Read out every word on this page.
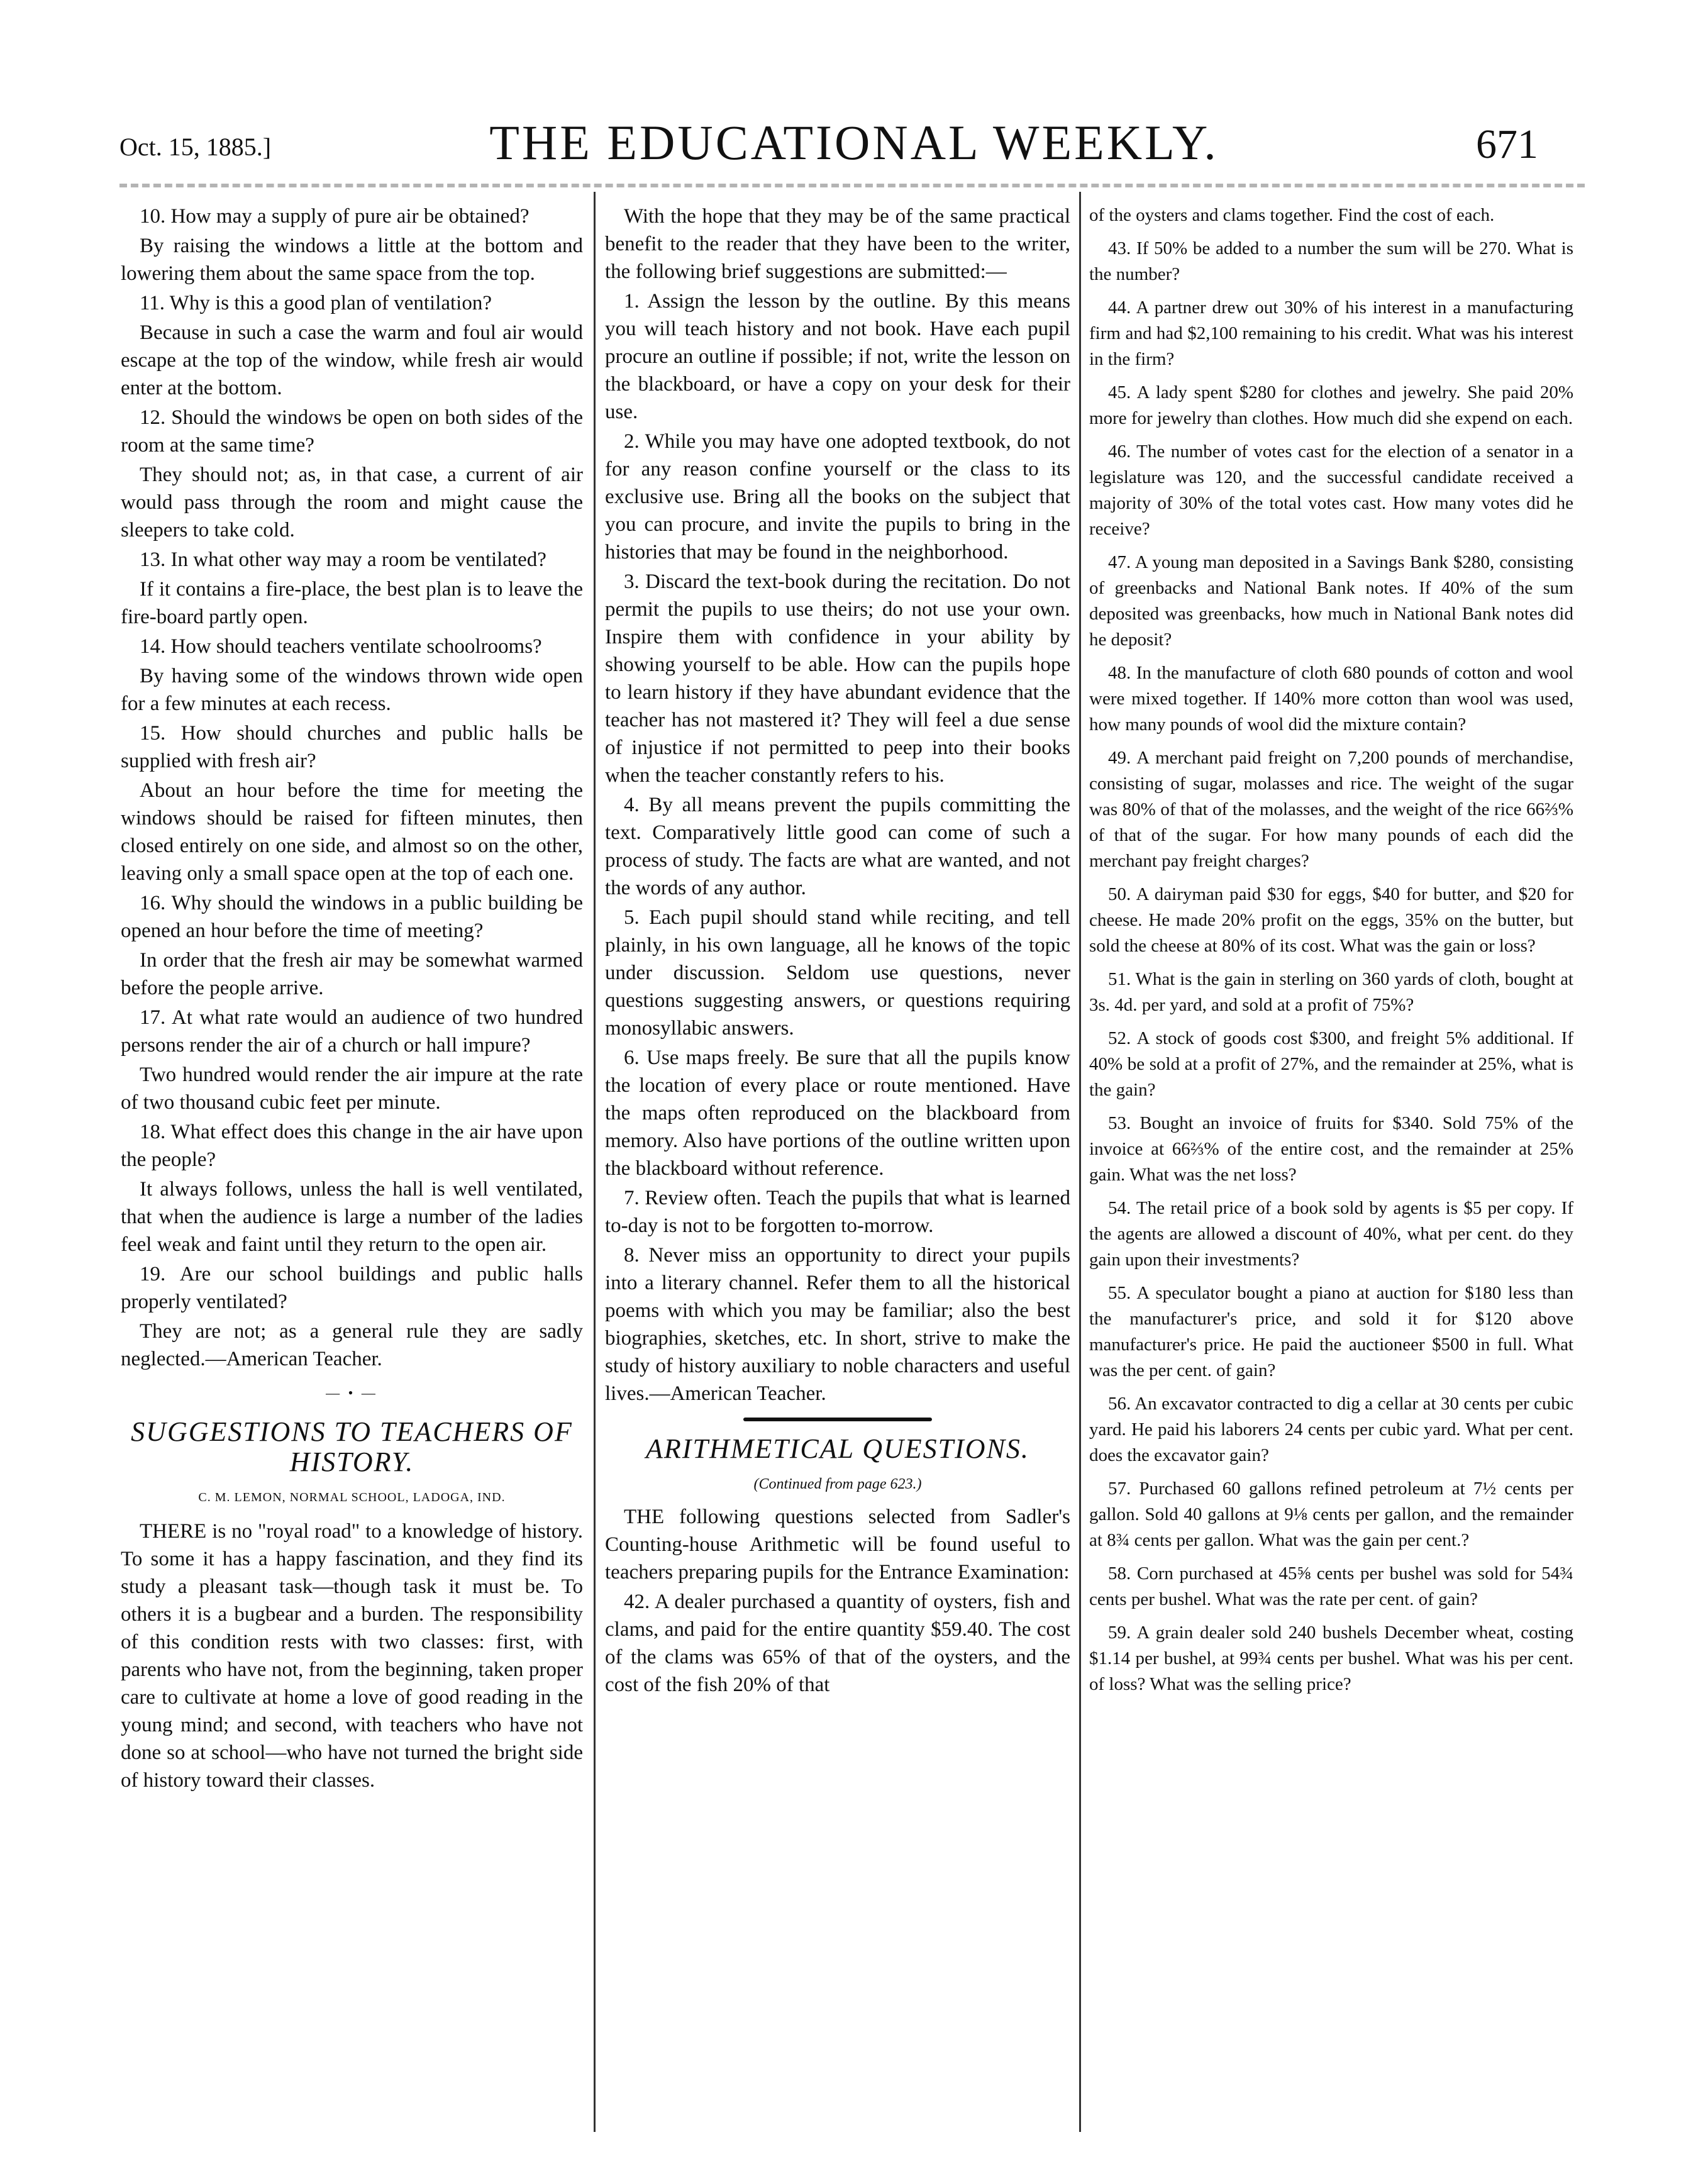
Oct. 15, 1885.]	THE EDUCATIONAL WEEKLY.	671

10. How may a supply of pure air be obtained?

By raising the windows a little at the bottom and lowering them about the same space from the top.

11. Why is this a good plan of ventilation?

Because in such a case the warm and foul air would escape at the top of the window, while fresh air would enter at the bottom.

12. Should the windows be open on both sides of the room at the same time?

They should not; as, in that case, a current of air would pass through the room and might cause the sleepers to take cold.

13. In what other way may a room be ventilated?

If it contains a fire-place, the best plan is to leave the fire-board partly open.

14. How should teachers ventilate schoolrooms?

By having some of the windows thrown wide open for a few minutes at each recess.

15. How should churches and public halls be supplied with fresh air?

About an hour before the time for meeting the windows should be raised for fifteen minutes, then closed entirely on one side, and almost so on the other, leaving only a small space open at the top of each one.

16. Why should the windows in a public building be opened an hour before the time of meeting?

In order that the fresh air may be somewhat warmed before the people arrive.

17. At what rate would an audience of two hundred persons render the air of a church or hall impure?

Two hundred would render the air impure at the rate of two thousand cubic feet per minute.

18. What effect does this change in the air have upon the people?

It always follows, unless the hall is well ventilated, that when the audience is large a number of the ladies feel weak and faint until they return to the open air.

19. Are our school buildings and public halls properly ventilated?

They are not; as a general rule they are sadly neglected.—American Teacher.

— • —
SUGGESTIONS TO TEACHERS OF HISTORY.
C. M. LEMON, NORMAL SCHOOL, LADOGA, IND.

THERE is no "royal road" to a knowledge of history. To some it has a happy fascination, and they find its study a pleasant task—though task it must be. To others it is a bugbear and a burden. The responsibility of this condition rests with two classes: first, with parents who have not, from the beginning, taken proper care to cultivate at home a love of good reading in the young mind; and second, with teachers who have not done so at school—who have not turned the bright side of history toward their classes.

With the hope that they may be of the same practical benefit to the reader that they have been to the writer, the following brief suggestions are submitted:—

1. Assign the lesson by the outline. By this means you will teach history and not book. Have each pupil procure an outline if possible; if not, write the lesson on the blackboard, or have a copy on your desk for their use.

2. While you may have one adopted textbook, do not for any reason confine yourself or the class to its exclusive use. Bring all the books on the subject that you can procure, and invite the pupils to bring in the histories that may be found in the neighborhood.

3. Discard the text-book during the recitation. Do not permit the pupils to use theirs; do not use your own. Inspire them with confidence in your ability by showing yourself to be able. How can the pupils hope to learn history if they have abundant evidence that the teacher has not mastered it? They will feel a due sense of injustice if not permitted to peep into their books when the teacher constantly refers to his.

4. By all means prevent the pupils committing the text. Comparatively little good can come of such a process of study. The facts are what are wanted, and not the words of any author.

5. Each pupil should stand while reciting, and tell plainly, in his own language, all he knows of the topic under discussion. Seldom use questions, never questions suggesting answers, or questions requiring monosyllabic answers.

6. Use maps freely. Be sure that all the pupils know the location of every place or route mentioned. Have the maps often reproduced on the blackboard from memory. Also have portions of the outline written upon the blackboard without reference.

7. Review often. Teach the pupils that what is learned to-day is not to be forgotten to-morrow.

8. Never miss an opportunity to direct your pupils into a literary channel. Refer them to all the historical poems with which you may be familiar; also the best biographies, sketches, etc. In short, strive to make the study of history auxiliary to noble characters and useful lives.—American Teacher.

ARITHMETICAL QUESTIONS.
(Continued from page 623.)

THE following questions selected from Sadler's Counting-house Arithmetic will be found useful to teachers preparing pupils for the Entrance Examination:

42. A dealer purchased a quantity of oysters, fish and clams, and paid for the entire quantity $59.40. The cost of the clams was 65% of that of the oysters, and the cost of the fish 20% of that

of the oysters and clams together. Find the cost of each.

43. If 50% be added to a number the sum will be 270. What is the number?

44. A partner drew out 30% of his interest in a manufacturing firm and had $2,100 remaining to his credit. What was his interest in the firm?

45. A lady spent $280 for clothes and jewelry. She paid 20% more for jewelry than clothes. How much did she expend on each.

46. The number of votes cast for the election of a senator in a legislature was 120, and the successful candidate received a majority of 30% of the total votes cast. How many votes did he receive?

47. A young man deposited in a Savings Bank $280, consisting of greenbacks and National Bank notes. If 40% of the sum deposited was greenbacks, how much in National Bank notes did he deposit?

48. In the manufacture of cloth 680 pounds of cotton and wool were mixed together. If 140% more cotton than wool was used, how many pounds of wool did the mixture contain?

49. A merchant paid freight on 7,200 pounds of merchandise, consisting of sugar, molasses and rice. The weight of the sugar was 80% of that of the molasses, and the weight of the rice 66⅔% of that of the sugar. For how many pounds of each did the merchant pay freight charges?

50. A dairyman paid $30 for eggs, $40 for butter, and $20 for cheese. He made 20% profit on the eggs, 35% on the butter, but sold the cheese at 80% of its cost. What was the gain or loss?

51. What is the gain in sterling on 360 yards of cloth, bought at 3s. 4d. per yard, and sold at a profit of 75%?

52. A stock of goods cost $300, and freight 5% additional. If 40% be sold at a profit of 27%, and the remainder at 25%, what is the gain?

53. Bought an invoice of fruits for $340. Sold 75% of the invoice at 66⅔% of the entire cost, and the remainder at 25% gain. What was the net loss?

54. The retail price of a book sold by agents is $5 per copy. If the agents are allowed a discount of 40%, what per cent. do they gain upon their investments?

55. A speculator bought a piano at auction for $180 less than the manufacturer's price, and sold it for $120 above manufacturer's price. He paid the auctioneer $500 in full. What was the per cent. of gain?

56. An excavator contracted to dig a cellar at 30 cents per cubic yard. He paid his laborers 24 cents per cubic yard. What per cent. does the excavator gain?

57. Purchased 60 gallons refined petroleum at 7½ cents per gallon. Sold 40 gallons at 9⅛ cents per gallon, and the remainder at 8¾ cents per gallon. What was the gain per cent.?

58. Corn purchased at 45⅝ cents per bushel was sold for 54¾ cents per bushel. What was the rate per cent. of gain?

59. A grain dealer sold 240 bushels December wheat, costing $1.14 per bushel, at 99¾ cents per bushel. What was his per cent. of loss? What was the selling price?
